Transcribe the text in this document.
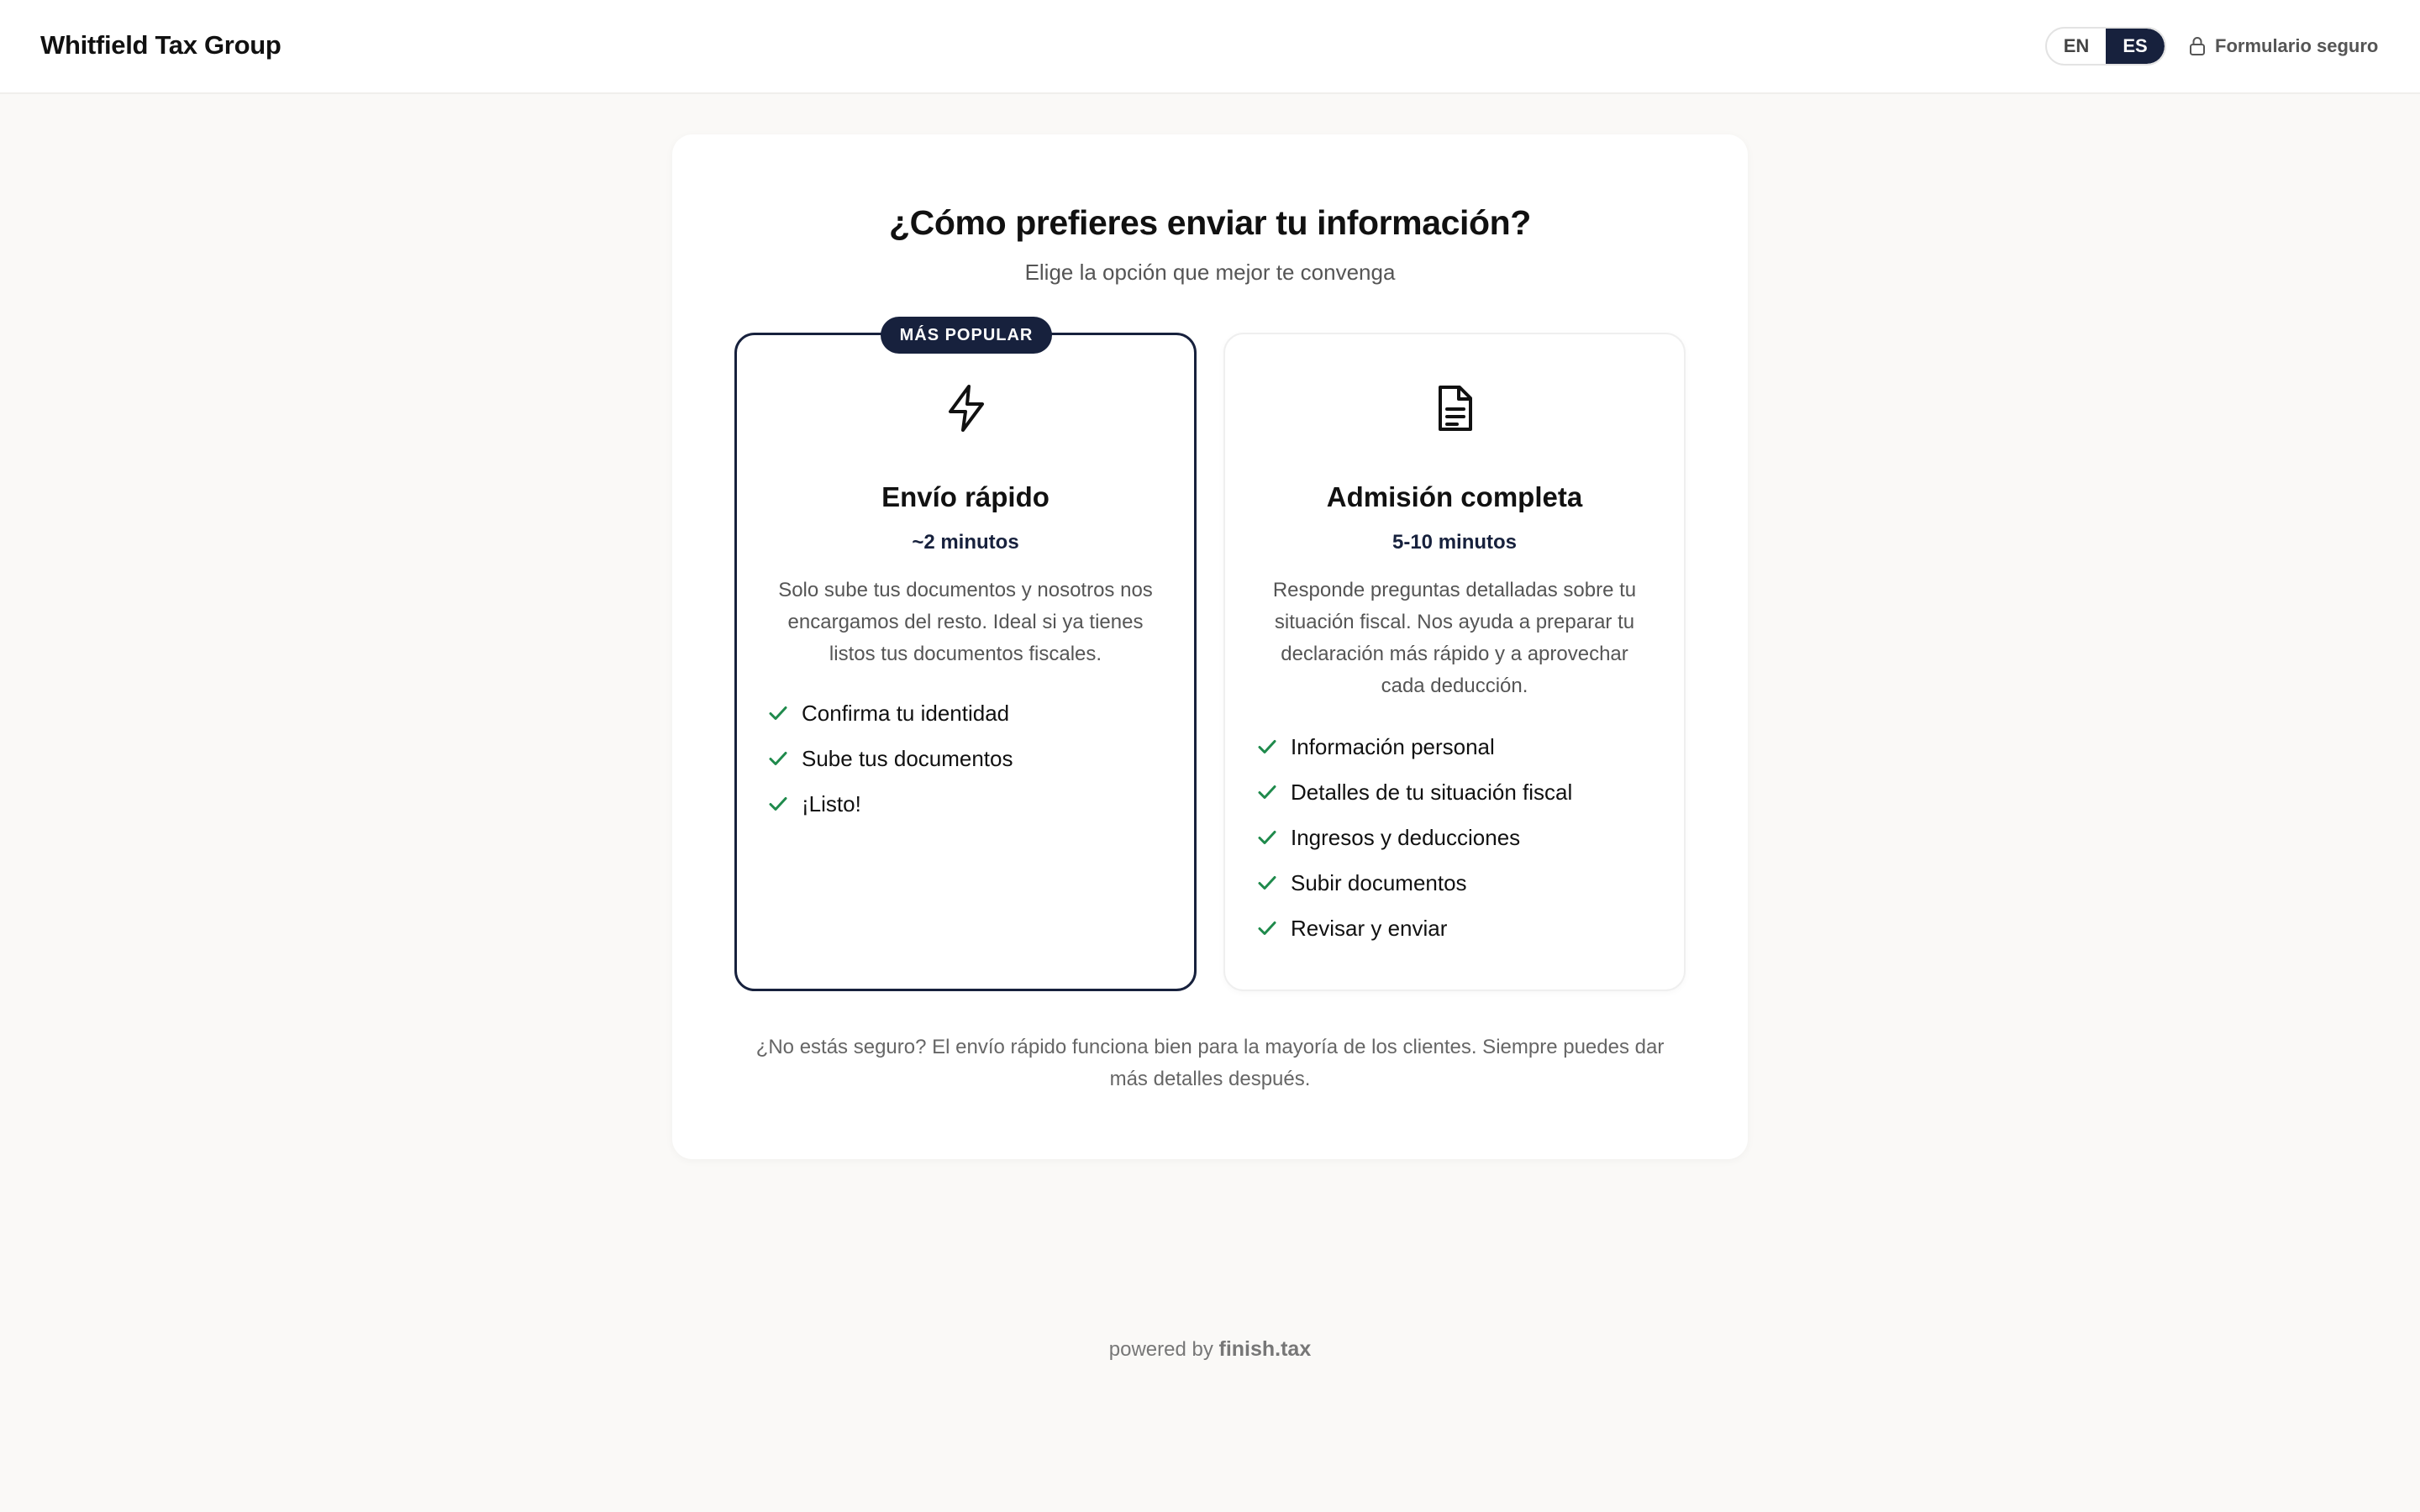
Whitfield Tax Group	EN	ES	Formulario seguro
¿Cómo prefieres enviar tu información?
Elige la opción que mejor te convenga
MÁS POPULAR
Envío rápido
~2 minutos
Solo sube tus documentos y nosotros nos encargamos del resto. Ideal si ya tienes listos tus documentos fiscales.
Confirma tu identidad
Sube tus documentos
¡Listo!
Admisión completa
5-10 minutos
Responde preguntas detalladas sobre tu situación fiscal. Nos ayuda a preparar tu declaración más rápido y a aprovechar cada deducción.
Información personal
Detalles de tu situación fiscal
Ingresos y deducciones
Subir documentos
Revisar y enviar
¿No estás seguro? El envío rápido funciona bien para la mayoría de los clientes. Siempre puedes dar más detalles después.
powered by finish.tax
